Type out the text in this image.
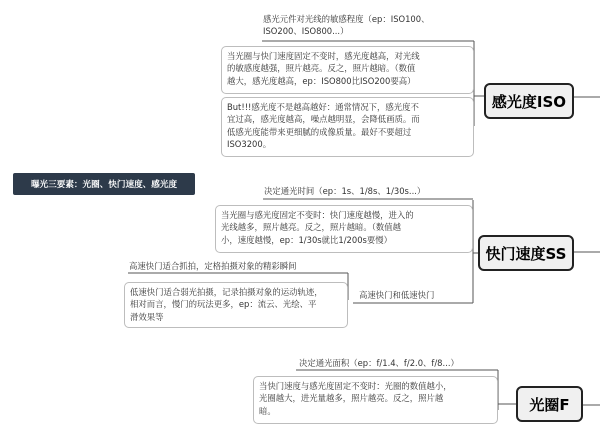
曝光三要素：光圈、快门速度、感光度
感光度ISO
感光元件对光线的敏感程度（ep：ISO100、
ISO200、ISO800...）
当光圈与快门速度固定不变时，感光度越高，对光线
的敏感度越强，照片越亮。反之，照片越暗。（数值
越大，感光度越高，ep：ISO800比ISO200要高）
But!!!感光度不是越高越好：通常情况下，感光度不
宜过高，感光度越高，噪点越明显，会降低画质。而
低感光度能带来更细腻的成像质量。最好不要超过
ISO3200。
快门速度SS
决定通光时间（ep：1s、1/8s、1/30s...）
当光圈与感光度固定不变时：快门速度越慢，进入的
光线越多，照片越亮。反之，照片越暗。（数值越
小，速度越慢，ep：1/30s就比1/200s要慢）
高速快门和低速快门
高速快门适合抓拍，定格拍摄对象的精彩瞬间
低速快门适合弱光拍摄，记录拍摄对象的运动轨迹，
相对而言，慢门的玩法更多，ep：流云、光绘、平
滑效果等
光圈F
决定通光面积（ep：f/1.4、f/2.0、f/8...）
当快门速度与感光度固定不变时：光圈的数值越小，
光圈越大，进光量越多，照片越亮。反之，照片越
暗。
